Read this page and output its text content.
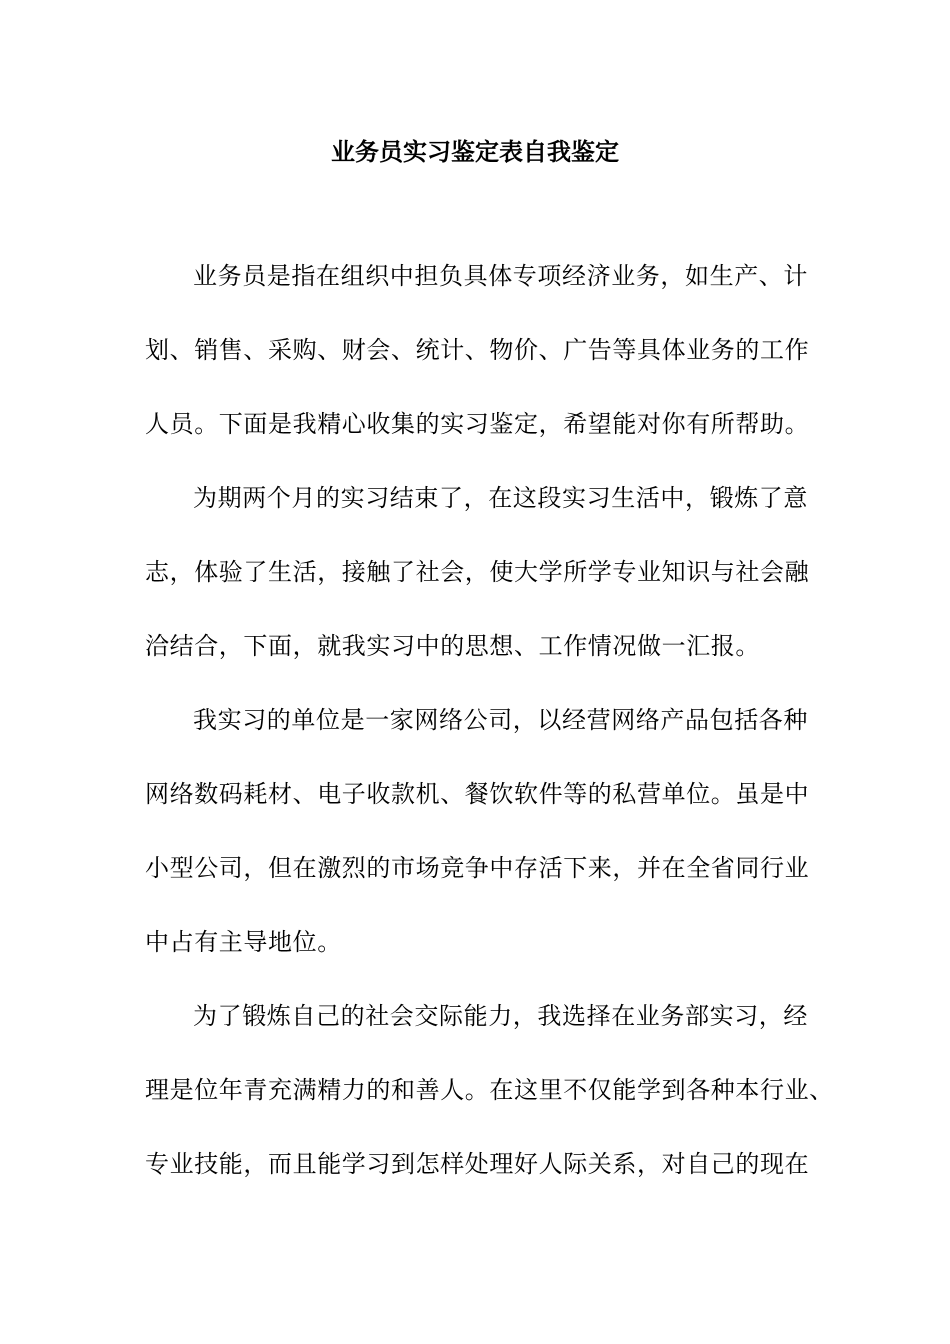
业务员实习鉴定表自我鉴定
业务员是指在组织中担负具体专项经济业务，如生产、计
划、销售、采购、财会、统计、物价、广告等具体业务的工作
人员。下面是我精心收集的实习鉴定，希望能对你有所帮助。
为期两个月的实习结束了，在这段实习生活中，锻炼了意
志，体验了生活，接触了社会，使大学所学专业知识与社会融
洽结合，下面，就我实习中的思想、工作情况做一汇报。
我实习的单位是一家网络公司，以经营网络产品包括各种
网络数码耗材、电子收款机、餐饮软件等的私营单位。虽是中
小型公司，但在激烈的市场竞争中存活下来，并在全省同行业
中占有主导地位。
为了锻炼自己的社会交际能力，我选择在业务部实习，经
理是位年青充满精力的和善人。在这里不仅能学到各种本行业、
专业技能，而且能学习到怎样处理好人际关系，对自己的现在
